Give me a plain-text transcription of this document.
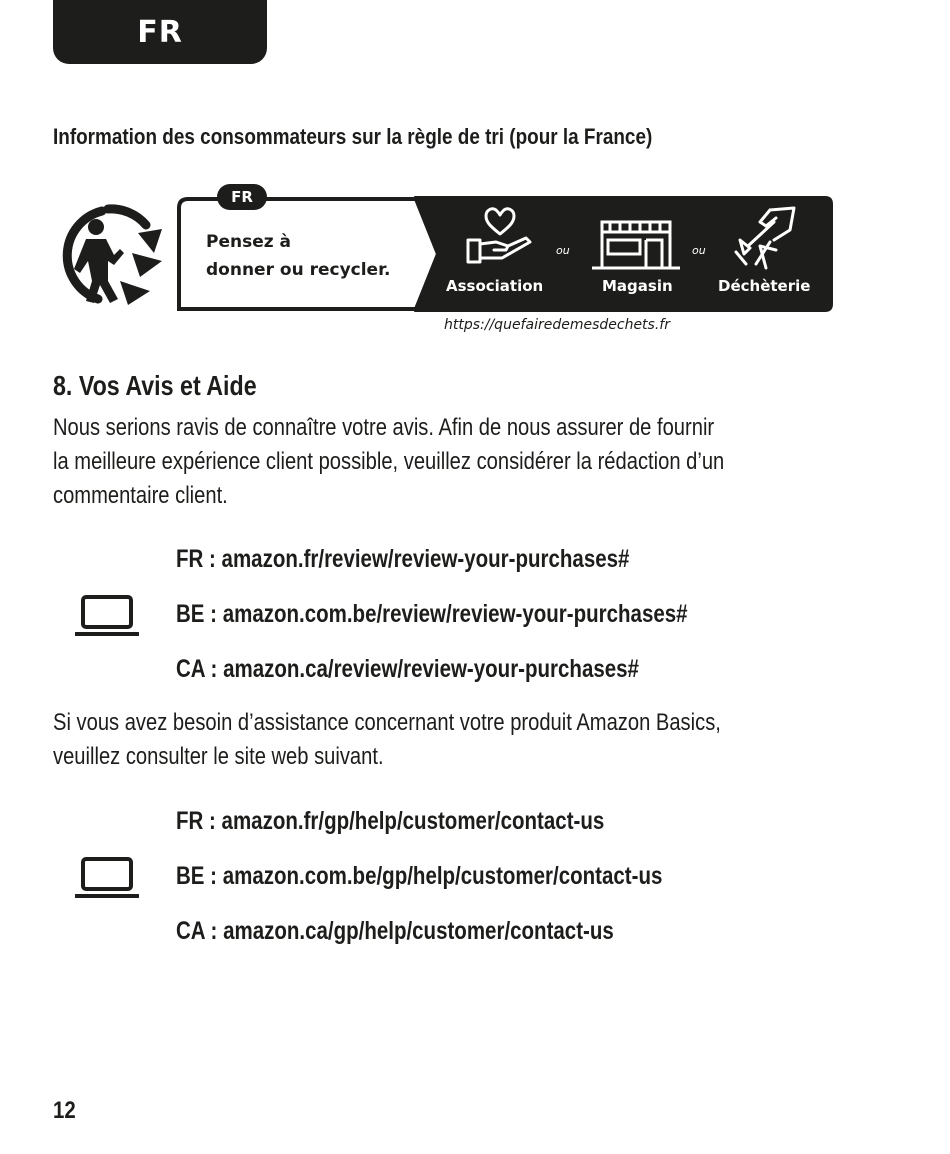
FR
Information des consommateurs sur la règle de tri (pour la France)
FR
Pensez à
donner ou recycler.
Association
ou
Magasin
ou
Déchèterie
https://quefairedemesdechets.fr
8. Vos Avis et Aide

Nous serions ravis de connaître votre avis. Afin de nous assurer de fournir
la meilleure expérience client possible, veuillez considérer la rédaction d’un
commentaire client.

FR : amazon.fr/review/review-your-purchases#
BE : amazon.com.be/review/review-your-purchases#
CA : amazon.ca/review/review-your-purchases#

Si vous avez besoin d’assistance concernant votre produit Amazon Basics,
veuillez consulter le site web suivant.

FR : amazon.fr/gp/help/customer/contact-us
BE : amazon.com.be/gp/help/customer/contact-us
CA : amazon.ca/gp/help/customer/contact-us
12
